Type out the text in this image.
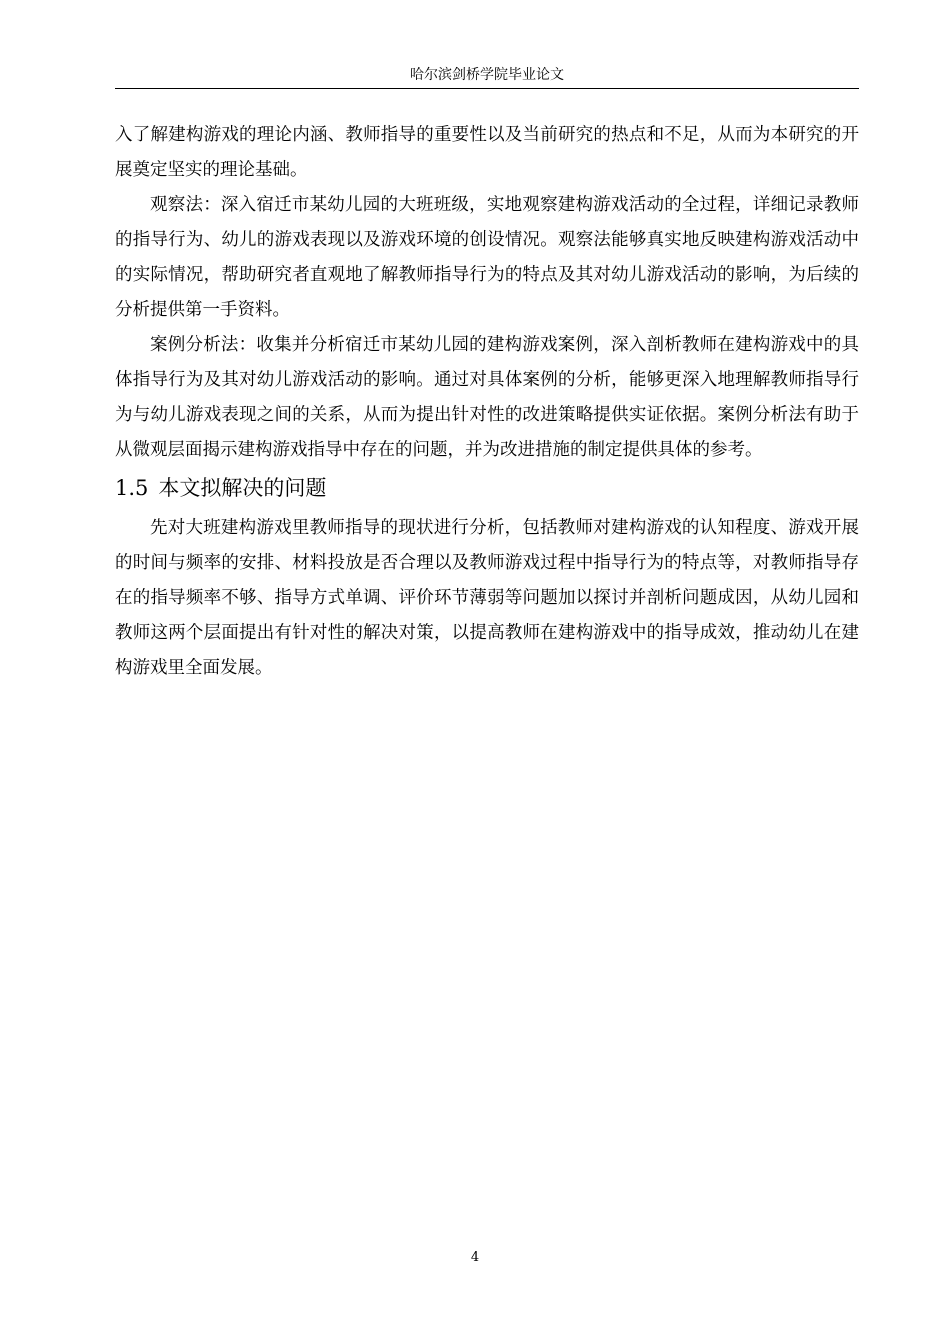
哈尔滨剑桥学院毕业论文

入了解建构游戏的理论内涵、教师指导的重要性以及当前研究的热点和不足，从而为本研究的开展奠定坚实的理论基础。

观察法：深入宿迁市某幼儿园的大班班级，实地观察建构游戏活动的全过程，详细记录教师的指导行为、幼儿的游戏表现以及游戏环境的创设情况。观察法能够真实地反映建构游戏活动中的实际情况，帮助研究者直观地了解教师指导行为的特点及其对幼儿游戏活动的影响，为后续的分析提供第一手资料。

案例分析法：收集并分析宿迁市某幼儿园的建构游戏案例，深入剖析教师在建构游戏中的具体指导行为及其对幼儿游戏活动的影响。通过对具体案例的分析，能够更深入地理解教师指导行为与幼儿游戏表现之间的关系，从而为提出针对性的改进策略提供实证依据。案例分析法有助于从微观层面揭示建构游戏指导中存在的问题，并为改进措施的制定提供具体的参考。

1.5 本文拟解决的问题

先对大班建构游戏里教师指导的现状进行分析，包括教师对建构游戏的认知程度、游戏开展的时间与频率的安排、材料投放是否合理以及教师游戏过程中指导行为的特点等，对教师指导存在的指导频率不够、指导方式单调、评价环节薄弱等问题加以探讨并剖析问题成因，从幼儿园和教师这两个层面提出有针对性的解决对策，以提高教师在建构游戏中的指导成效，推动幼儿在建构游戏里全面发展。

4
